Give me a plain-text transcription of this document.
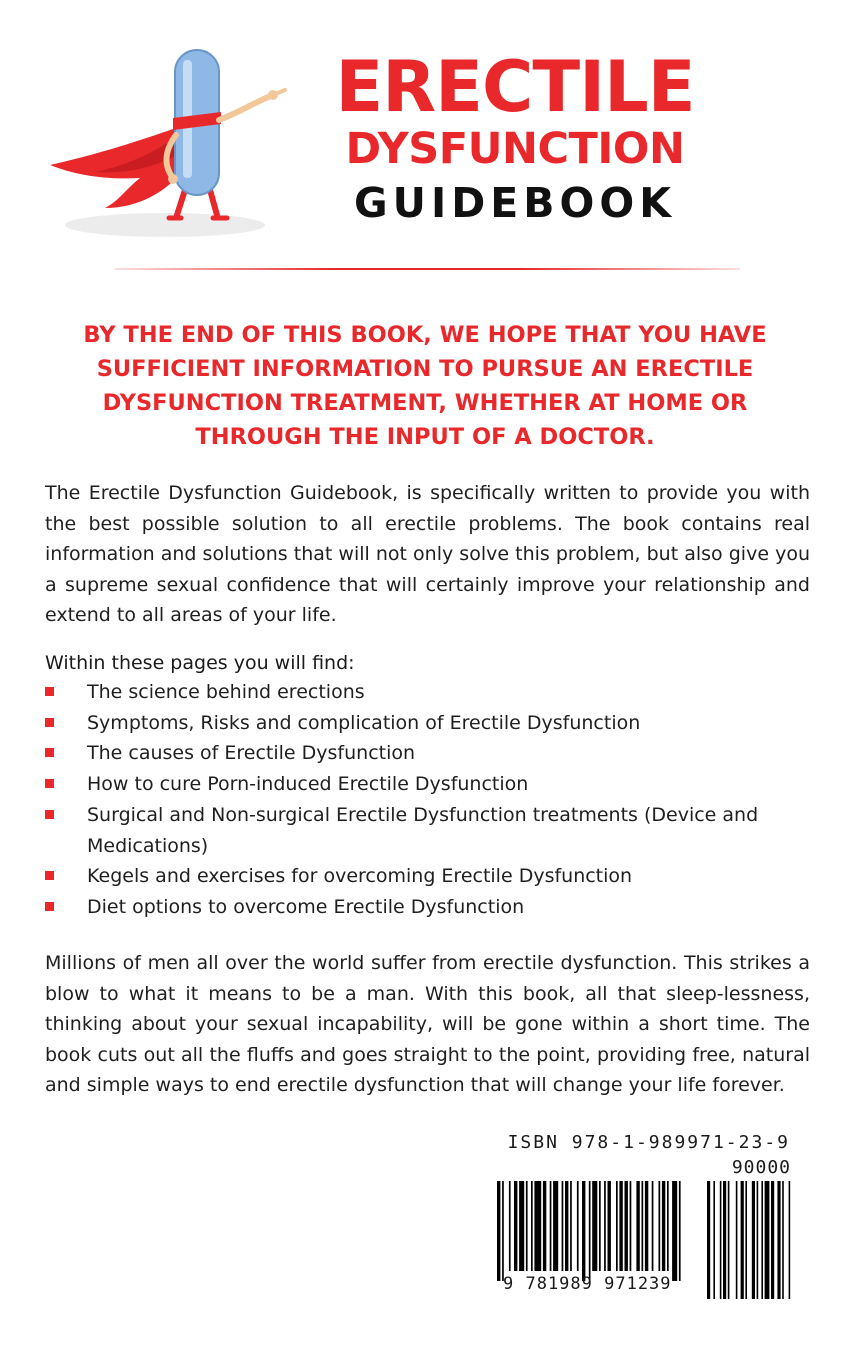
ERECTILE
DYSFUNCTION
GUIDEBOOK

BY THE END OF THIS BOOK, WE HOPE THAT YOU HAVE SUFFICIENT INFORMATION TO PURSUE AN ERECTILE DYSFUNCTION TREATMENT, WHETHER AT HOME OR THROUGH THE INPUT OF A DOCTOR.

The Erectile Dysfunction Guidebook, is specifically written to provide you with the best possible solution to all erectile problems. The book contains real information and solutions that will not only solve this problem, but also give you a supreme sexual confidence that will certainly improve your relationship and extend to all areas of your life.

Within these pages you will find:

The science behind erections
Symptoms, Risks and complication of Erectile Dysfunction
The causes of Erectile Dysfunction
How to cure Porn-induced Erectile Dysfunction
Surgical and Non-surgical Erectile Dysfunction treatments (Device and Medications)
Kegels and exercises for overcoming Erectile Dysfunction
Diet options to overcome Erectile Dysfunction

Millions of men all over the world suffer from erectile dysfunction. This strikes a blow to what it means to be a man. With this book, all that sleep-lessness, thinking about your sexual incapability, will be gone within a short time. The book cuts out all the fluffs and goes straight to the point, providing free, natural and simple ways to end erectile dysfunction that will change your life forever.

ISBN 978-1-989971-23-9
90000
9 781989 971239
